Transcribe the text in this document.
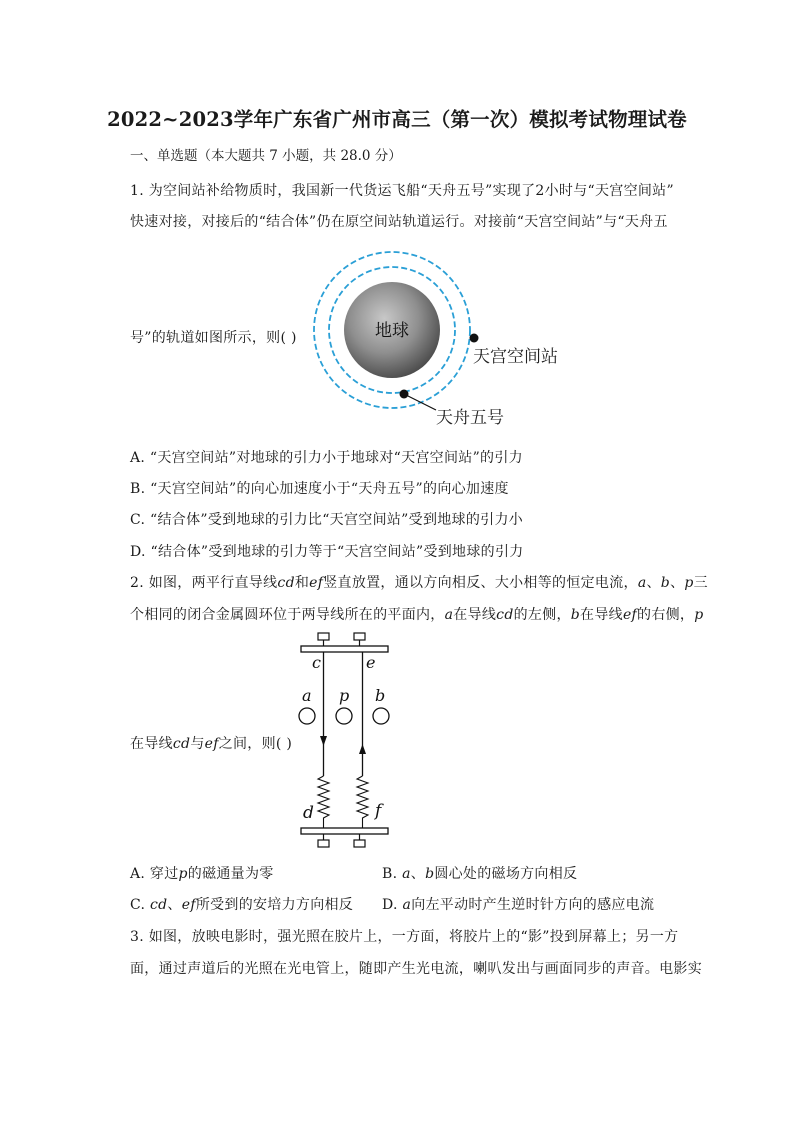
2022~2023学年广东省广州市高三（第一次）模拟考试物理试卷
一、单选题（本大题共 7 小题，共 28.0 分）
1. 为空间站补给物质时，我国新一代货运飞船“天舟五号”实现了2小时与“天宫空间站”
快速对接，对接后的“结合体”仍在原空间站轨道运行。对接前“天宫空间站”与“天舟五
号”的轨道如图所示，则( )	地球
天宫空间站
天舟五号
A. “天宫空间站”对地球的引力小于地球对“天宫空间站”的引力
B. “天宫空间站”的向心加速度小于“天舟五号”的向心加速度
C. “结合体”受到地球的引力比“天宫空间站”受到地球的引力小
D. “结合体”受到地球的引力等于“天宫空间站”受到地球的引力
2. 如图，两平行直导线cd和ef竖直放置，通以方向相反、大小相等的恒定电流，a、b、p三
个相同的闭合金属圆环位于两导线所在的平面内，a在导线cd的左侧，b在导线ef的右侧，p
在导线cd与ef之间，则( )
c	e
a p b
d	f
A. 穿过p的磁通量为零	B. a、b圆心处的磁场方向相反
C. cd、ef所受到的安培力方向相反 D. a向左平动时产生逆时针方向的感应电流
3. 如图，放映电影时，强光照在胶片上，一方面，将胶片上的“影”投到屏幕上；另一方
面，通过声道后的光照在光电管上，随即产生光电流，喇叭发出与画面同步的声音。电影实
